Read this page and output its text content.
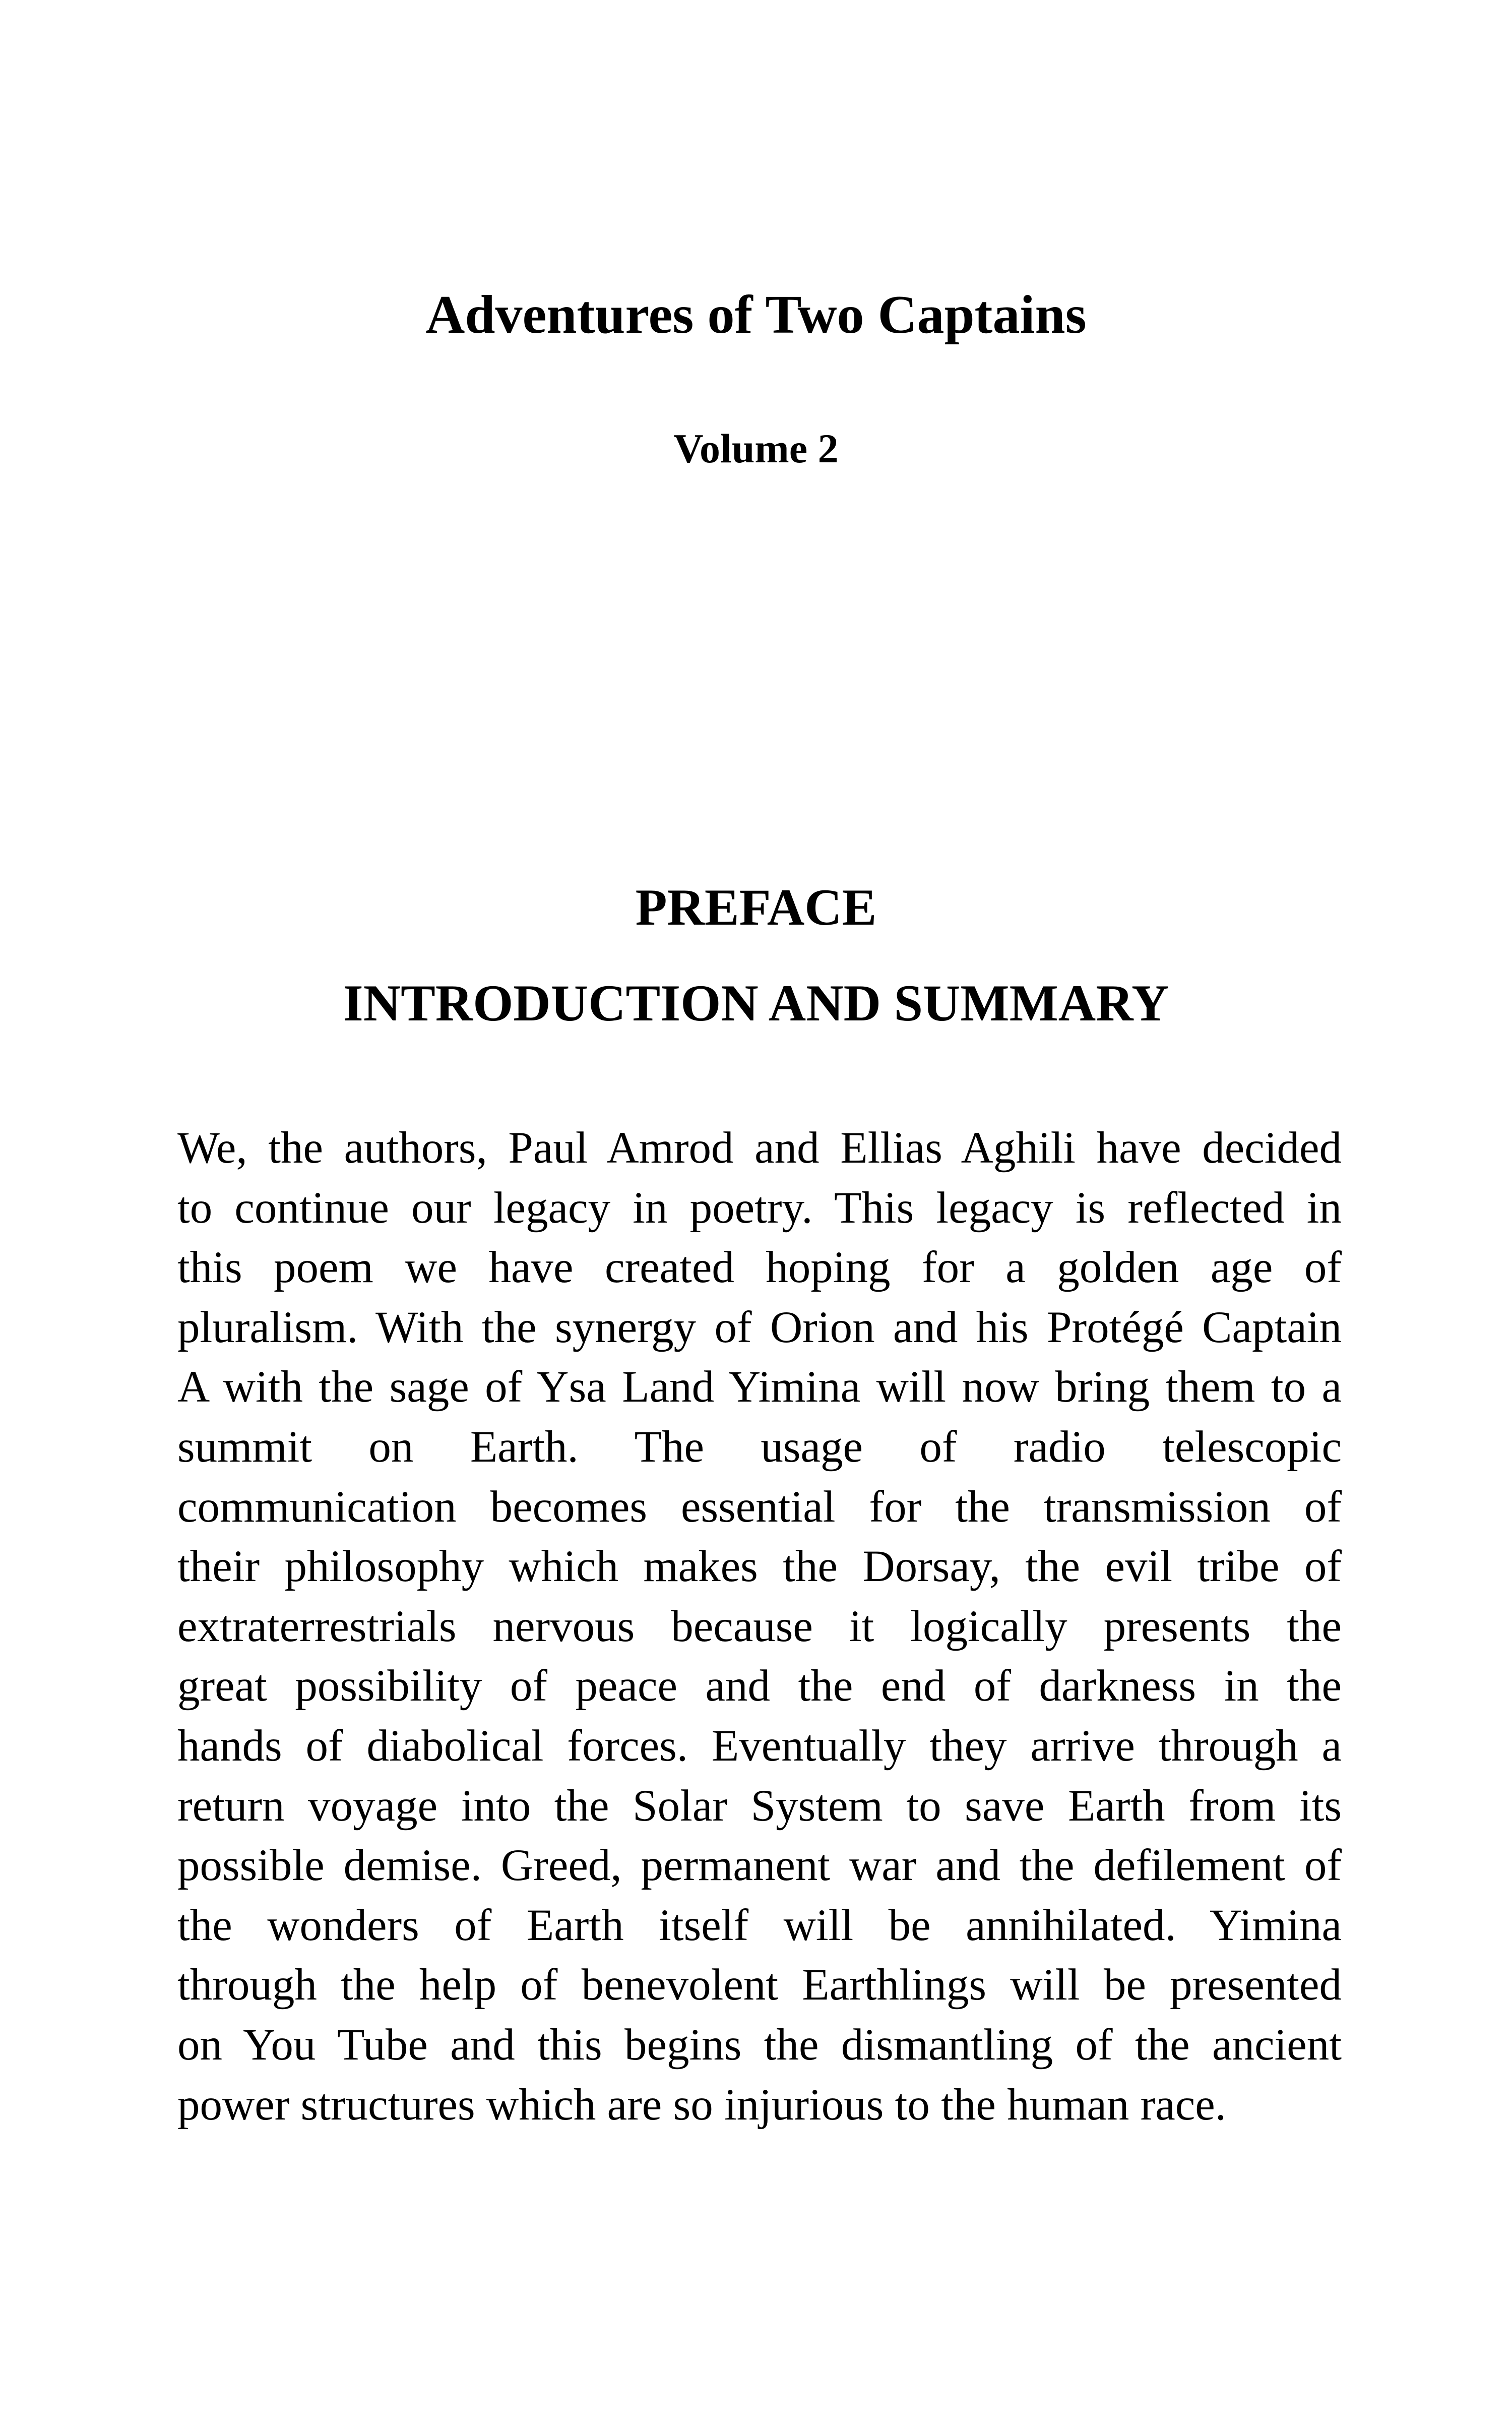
Adventures of Two Captains
Volume 2
PREFACE
INTRODUCTION AND SUMMARY
We, the authors, Paul Amrod and Ellias Aghili have decided
to continue our legacy in poetry. This legacy is reflected in
this poem we have created hoping for a golden age of
pluralism. With the synergy of Orion and his Protégé Captain
A with the sage of Ysa Land Yimina will now bring them to a
summit on Earth. The usage of radio telescopic
communication becomes essential for the transmission of
their philosophy which makes the Dorsay, the evil tribe of
extraterrestrials nervous because it logically presents the
great possibility of peace and the end of darkness in the
hands of diabolical forces. Eventually they arrive through a
return voyage into the Solar System to save Earth from its
possible demise. Greed, permanent war and the defilement of
the wonders of Earth itself will be annihilated. Yimina
through the help of benevolent Earthlings will be presented
on You Tube and this begins the dismantling of the ancient
power structures which are so injurious to the human race.
